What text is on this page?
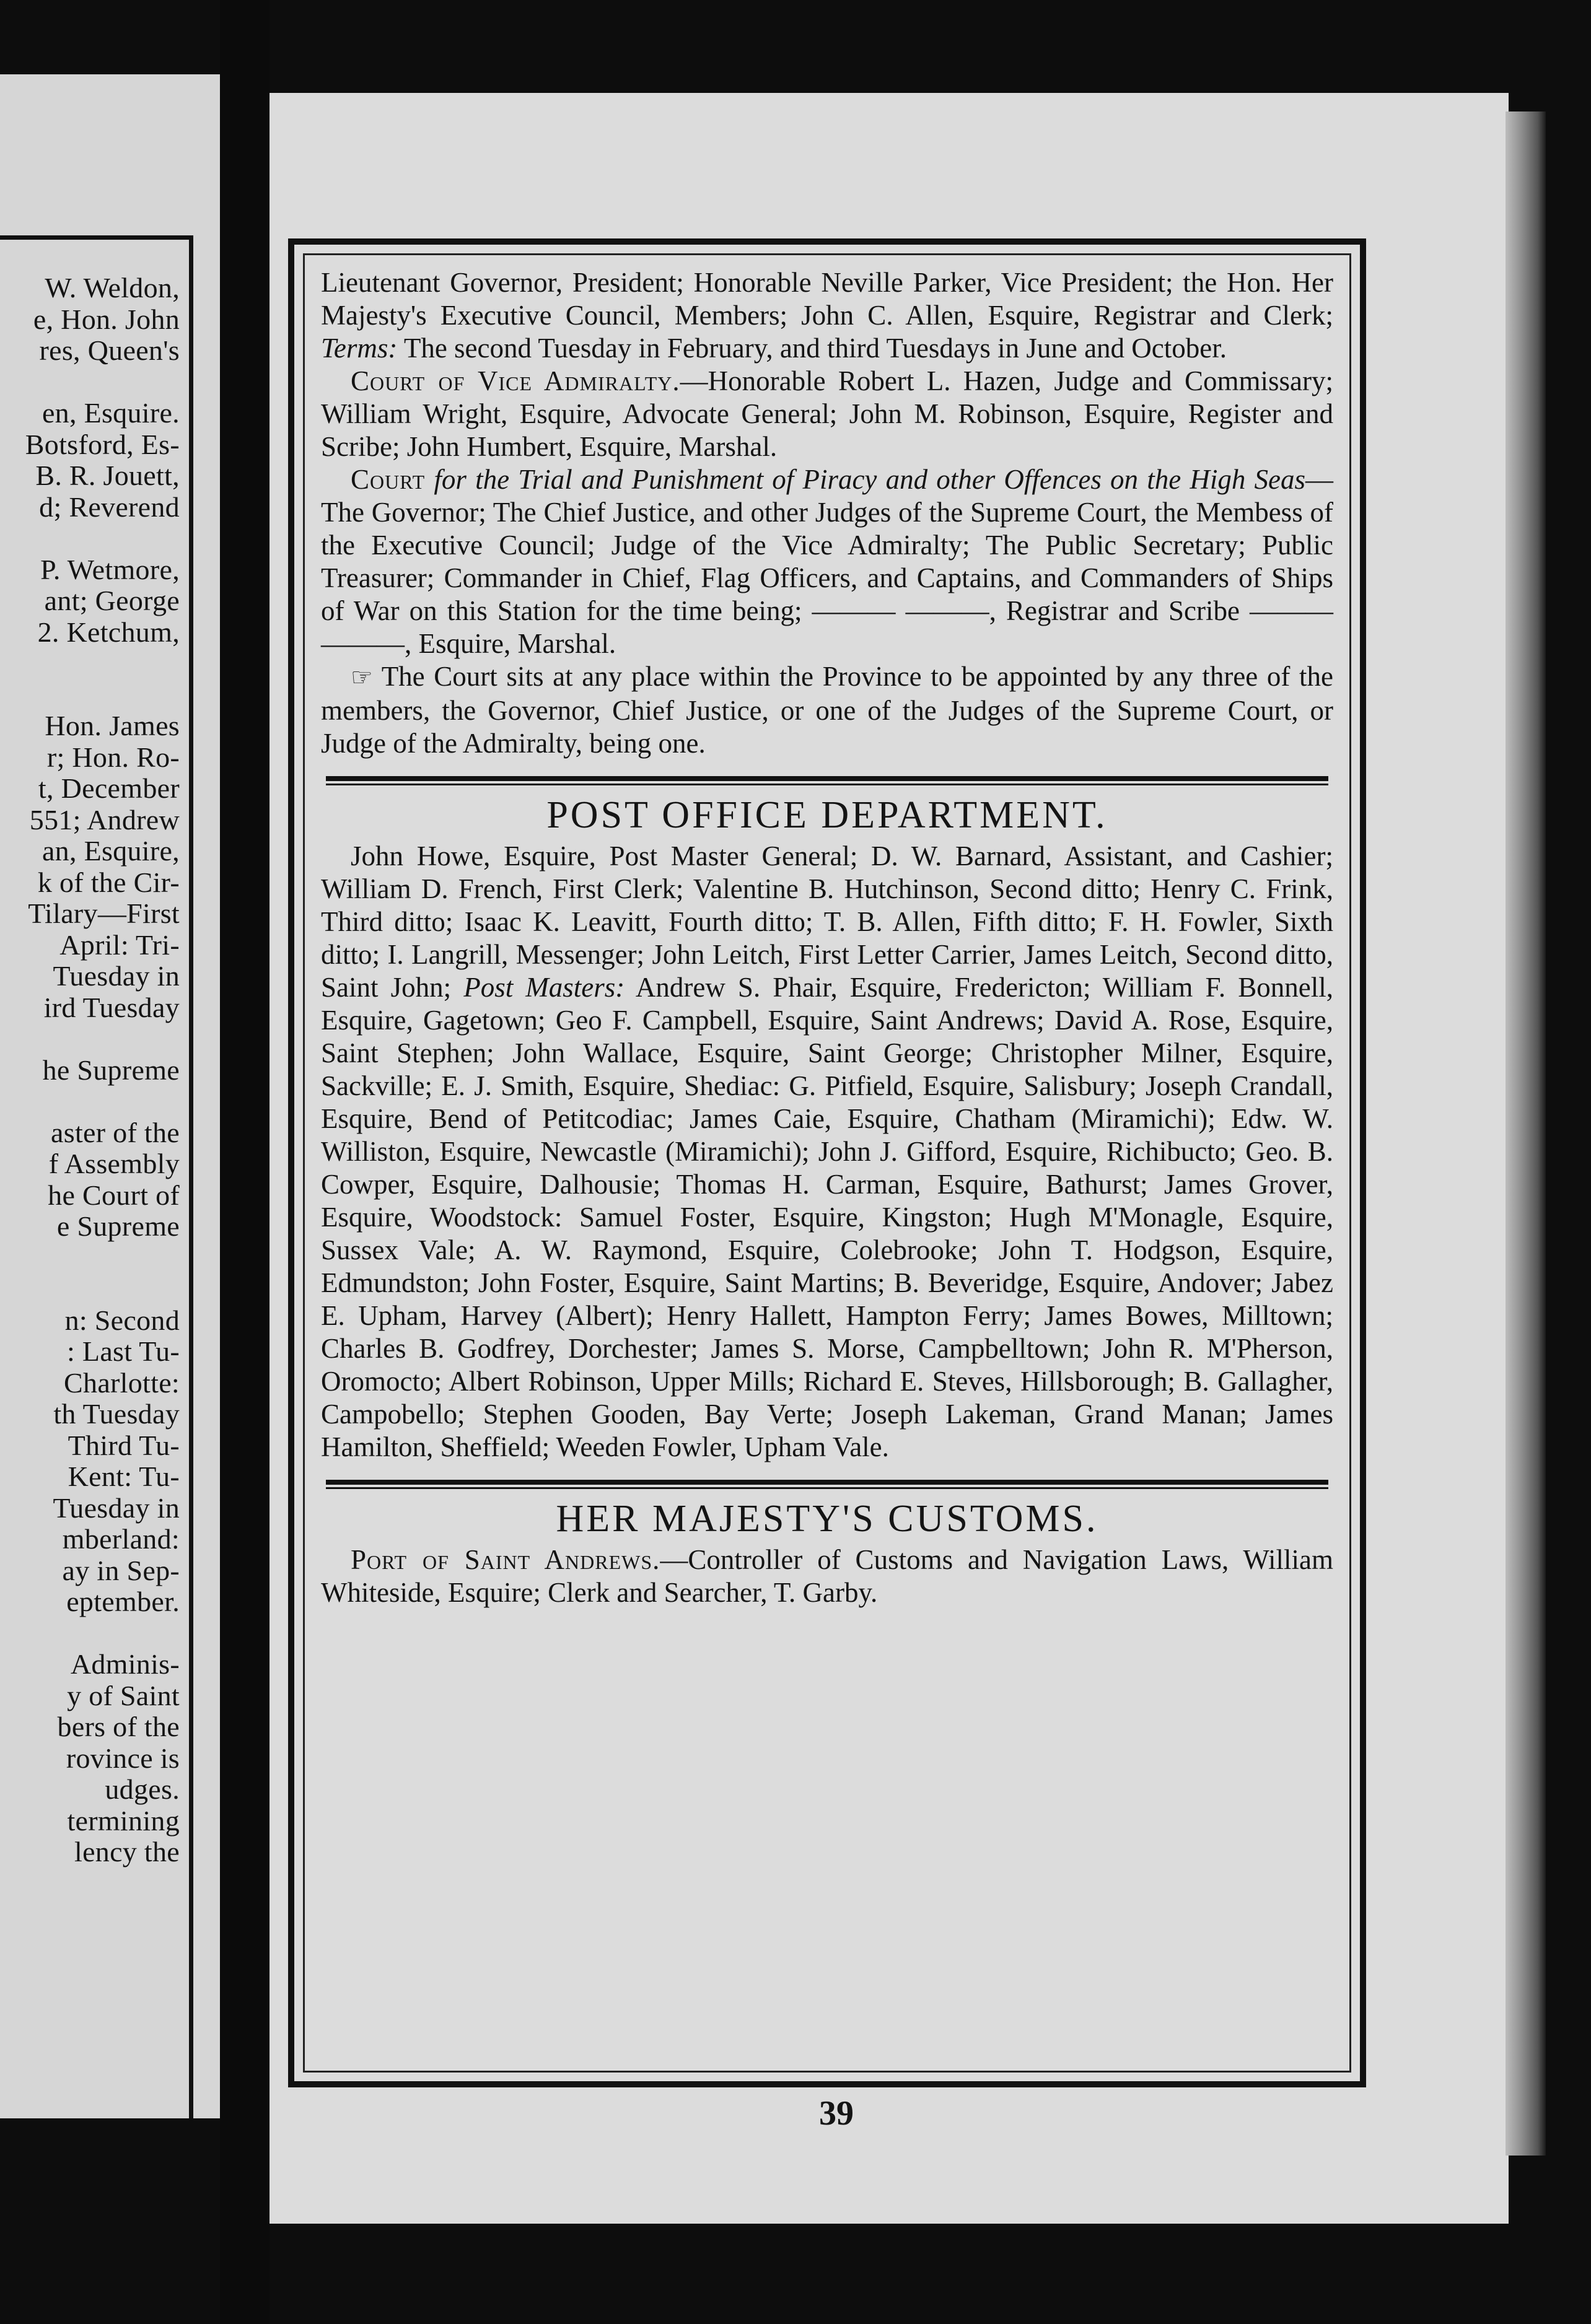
W. Weldon,
e, Hon. John
res, Queen's
en, Esquire.
Botsford, Es-
B. R. Jouett,
d; Reverend
P. Wetmore,
ant; George
2. Ketchum,
Hon. James
r; Hon. Ro-
t, December
551; Andrew
an, Esquire,
k of the Cir-
Tilary—First
April: Tri-
Tuesday in
ird Tuesday
he Supreme
aster of the
f Assembly
he Court of
e Supreme
n: Second
: Last Tu-
Charlotte:
th Tuesday
Third Tu-
Kent: Tu-
Tuesday in
mberland:
ay in Sep-
eptember.
Adminis-
y of Saint
bers of the
rovince is
udges.
termining
lency the

Lieutenant Governor, President; Honorable Neville Parker, Vice President; the Hon. Her Majesty's Executive Council, Members; John C. Allen, Esquire, Registrar and Clerk; Terms: The second Tuesday in February, and third Tuesdays in June and October.

Court of Vice Admiralty.—Honorable Robert L. Hazen, Judge and Commissary; William Wright, Esquire, Advocate General; John M. Robinson, Esquire, Register and Scribe; John Humbert, Esquire, Marshal.

Court for the Trial and Punishment of Piracy and other Offences on the High Seas—The Governor; The Chief Justice, and other Judges of the Supreme Court, the Membess of the Executive Council; Judge of the Vice Admiralty; The Public Secretary; Public Treasurer; Commander in Chief, Flag Officers, and Captains, and Commanders of Ships of War on this Station for the time being; ——— ———, Registrar and Scribe ——— ———, Esquire, Marshal.

☞ The Court sits at any place within the Province to be appointed by any three of the members, the Governor, Chief Justice, or one of the Judges of the Supreme Court, or Judge of the Admiralty, being one.

POST OFFICE DEPARTMENT.

John Howe, Esquire, Post Master General; D. W. Barnard, Assistant, and Cashier; William D. French, First Clerk; Valentine B. Hutchinson, Second ditto; Henry C. Frink, Third ditto; Isaac K. Leavitt, Fourth ditto; T. B. Allen, Fifth ditto; F. H. Fowler, Sixth ditto; I. Langrill, Messenger; John Leitch, First Letter Carrier, James Leitch, Second ditto, Saint John; Post Masters: Andrew S. Phair, Esquire, Fredericton; William F. Bonnell, Esquire, Gagetown; Geo F. Campbell, Esquire, Saint Andrews; David A. Rose, Esquire, Saint Stephen; John Wallace, Esquire, Saint George; Christopher Milner, Esquire, Sackville; E. J. Smith, Esquire, Shediac: G. Pitfield, Esquire, Salisbury; Joseph Crandall, Esquire, Bend of Petitcodiac; James Caie, Esquire, Chatham (Miramichi); Edw. W. Williston, Esquire, Newcastle (Miramichi); John J. Gifford, Esquire, Richibucto; Geo. B. Cowper, Esquire, Dalhousie; Thomas H. Carman, Esquire, Bathurst; James Grover, Esquire, Woodstock: Samuel Foster, Esquire, Kingston; Hugh M'Monagle, Esquire, Sussex Vale; A. W. Raymond, Esquire, Colebrooke; John T. Hodgson, Esquire, Edmundston; John Foster, Esquire, Saint Martins; B. Beveridge, Esquire, Andover; Jabez E. Upham, Harvey (Albert); Henry Hallett, Hampton Ferry; James Bowes, Milltown; Charles B. Godfrey, Dorchester; James S. Morse, Campbelltown; John R. M'Pherson, Oromocto; Albert Robinson, Upper Mills; Richard E. Steves, Hillsborough; B. Gallagher, Campobello; Stephen Gooden, Bay Verte; Joseph Lakeman, Grand Manan; James Hamilton, Sheffield; Weeden Fowler, Upham Vale.

HER MAJESTY'S CUSTOMS.

Port of Saint Andrews.—Controller of Customs and Navigation Laws, William Whiteside, Esquire; Clerk and Searcher, T. Garby.

39
